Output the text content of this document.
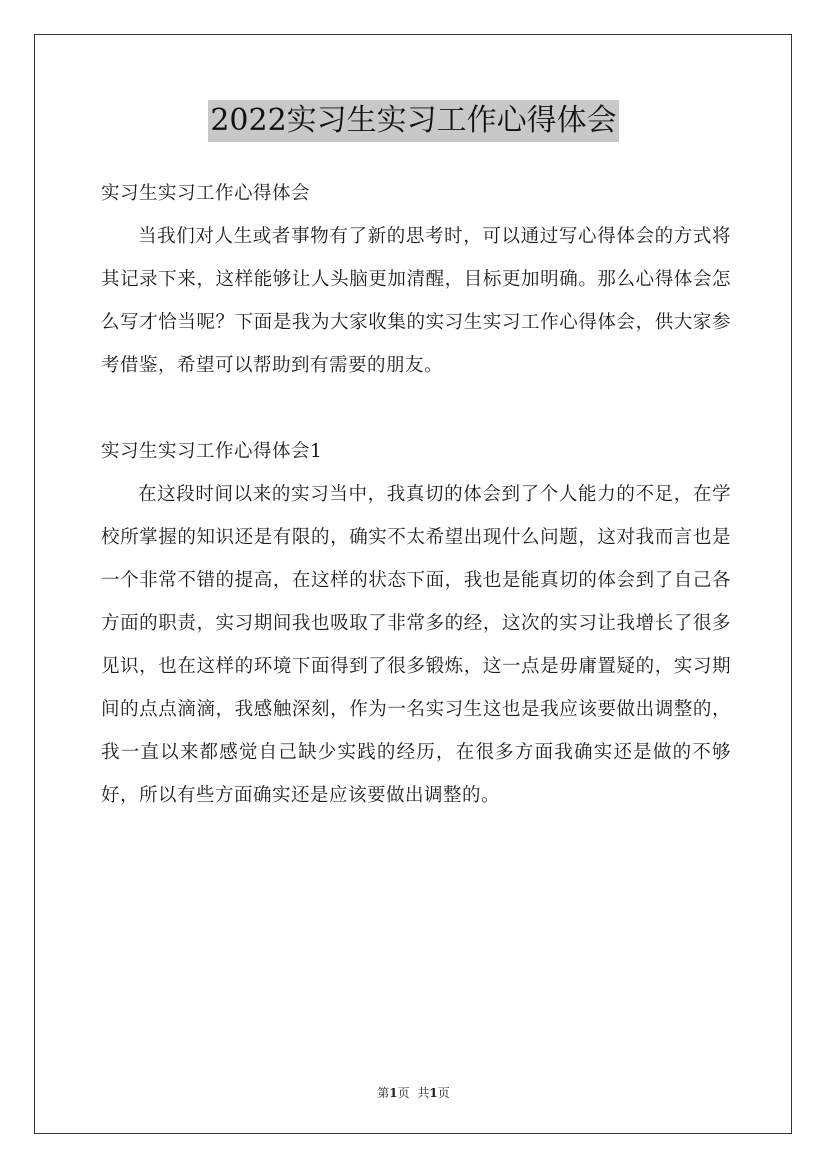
2022实习生实习工作心得体会

实习生实习工作心得体会

当我们对人生或者事物有了新的思考时，可以通过写心得体会的方式将其记录下来，这样能够让人头脑更加清醒，目标更加明确。那么心得体会怎么写才恰当呢？下面是我为大家收集的实习生实习工作心得体会，供大家参考借鉴，希望可以帮助到有需要的朋友。

实习生实习工作心得体会1

在这段时间以来的实习当中，我真切的体会到了个人能力的不足，在学校所掌握的知识还是有限的，确实不太希望出现什么问题，这对我而言也是一个非常不错的提高，在这样的状态下面，我也是能真切的体会到了自己各方面的职责，实习期间我也吸取了非常多的经，这次的实习让我增长了很多见识，也在这样的环境下面得到了很多锻炼，这一点是毋庸置疑的，实习期间的点点滴滴，我感触深刻，作为一名实习生这也是我应该要做出调整的，我一直以来都感觉自己缺少实践的经历，在很多方面我确实还是做的不够好，所以有些方面确实还是应该要做出调整的。

第1页 共1页
